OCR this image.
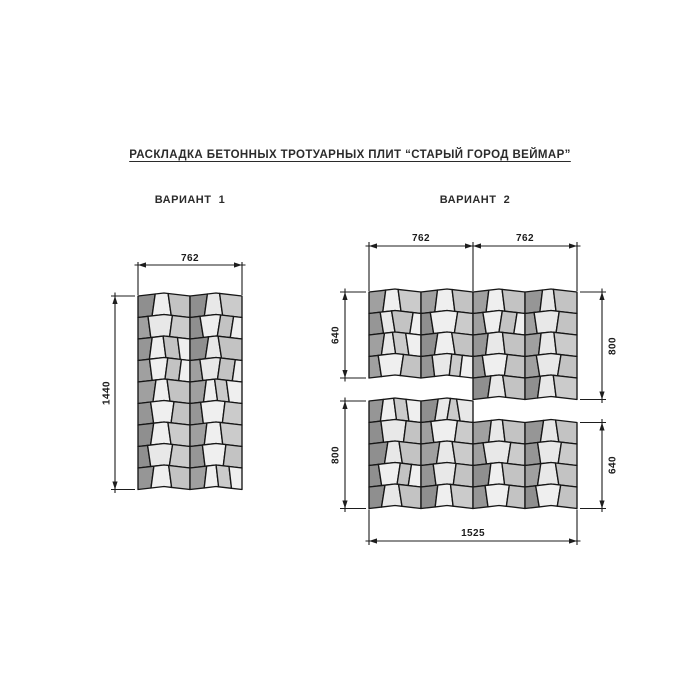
РАСКЛАДКА БЕТОННЫХ ТРОТУАРНЫХ ПЛИТ “СТАРЫЙ ГОРОД ВЕЙМАР”
ВАРИАНТ  1	ВАРИАНТ  2
762
1440
762	762
640
800
800
640
1525
